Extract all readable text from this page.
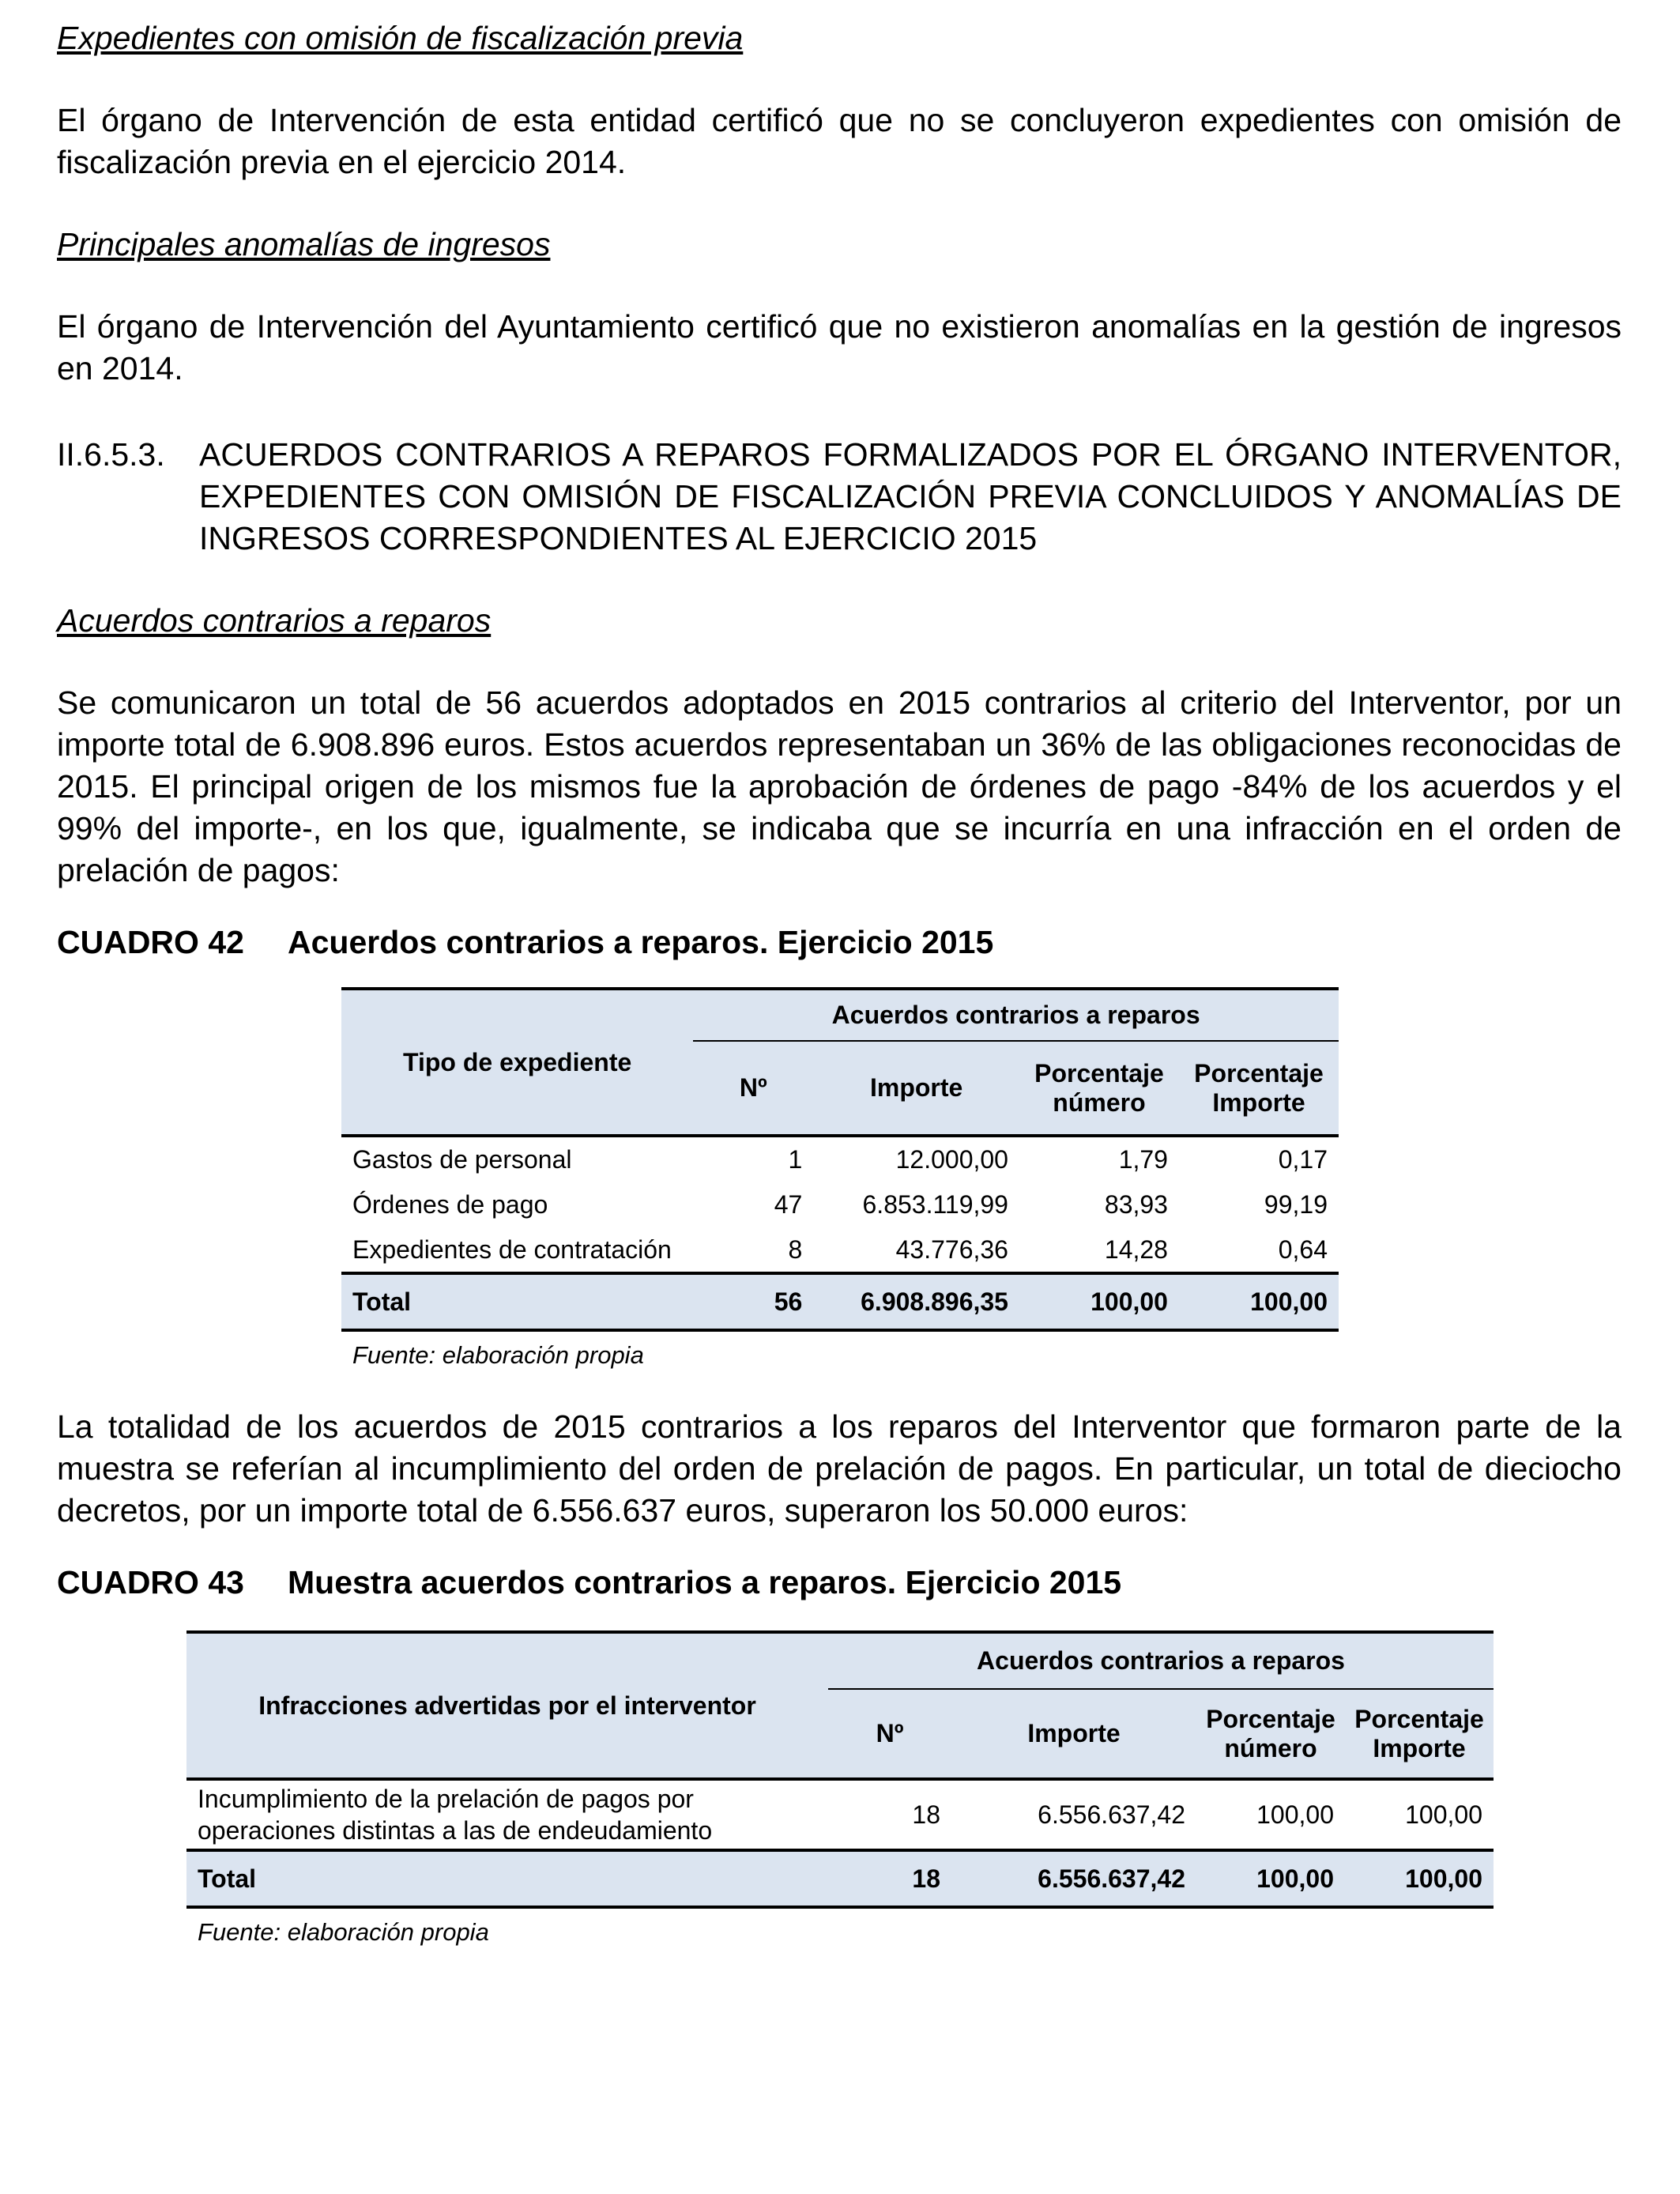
Expedientes con omisión de fiscalización previa

El órgano de Intervención de esta entidad certificó que no se concluyeron expedientes con omisión de fiscalización previa en el ejercicio 2014.

Principales anomalías de ingresos

El órgano de Intervención del Ayuntamiento certificó que no existieron anomalías en la gestión de ingresos en 2014.

II.6.5.3.	ACUERDOS CONTRARIOS A REPAROS FORMALIZADOS POR EL ÓRGANO INTERVENTOR, EXPEDIENTES CON OMISIÓN DE FISCALIZACIÓN PREVIA CONCLUIDOS Y ANOMALÍAS DE INGRESOS CORRESPONDIENTES AL EJERCICIO 2015

Acuerdos contrarios a reparos

Se comunicaron un total de 56 acuerdos adoptados en 2015 contrarios al criterio del Interventor, por un importe total de 6.908.896 euros. Estos acuerdos representaban un 36% de las obligaciones reconocidas de 2015. El principal origen de los mismos fue la aprobación de órdenes de pago -84% de los acuerdos y el 99% del importe-, en los que, igualmente, se indicaba que se incurría en una infracción en el orden de prelación de pagos:

CUADRO 42 Acuerdos contrarios a reparos. Ejercicio 2015

Tipo de expediente	Acuerdos contrarios a reparos			
	Nº	Importe	Porcentaje número	Porcentaje Importe
Gastos de personal	1	12.000,00	1,79	0,17
Órdenes de pago	47	6.853.119,99	83,93	99,19
Expedientes de contratación	8	43.776,36	14,28	0,64
Total	56	6.908.896,35	100,00	100,00

Fuente: elaboración propia

La totalidad de los acuerdos de 2015 contrarios a los reparos del Interventor que formaron parte de la muestra se referían al incumplimiento del orden de prelación de pagos. En particular, un total de dieciocho decretos, por un importe total de 6.556.637 euros, superaron los 50.000 euros:

CUADRO 43 Muestra acuerdos contrarios a reparos. Ejercicio 2015

Infracciones advertidas por el interventor	Acuerdos contrarios a reparos			
	Nº	Importe	Porcentaje número	Porcentaje Importe
Incumplimiento de la prelación de pagos por operaciones distintas a las de endeudamiento	18	6.556.637,42	100,00	100,00
Total	18	6.556.637,42	100,00	100,00

Fuente: elaboración propia
